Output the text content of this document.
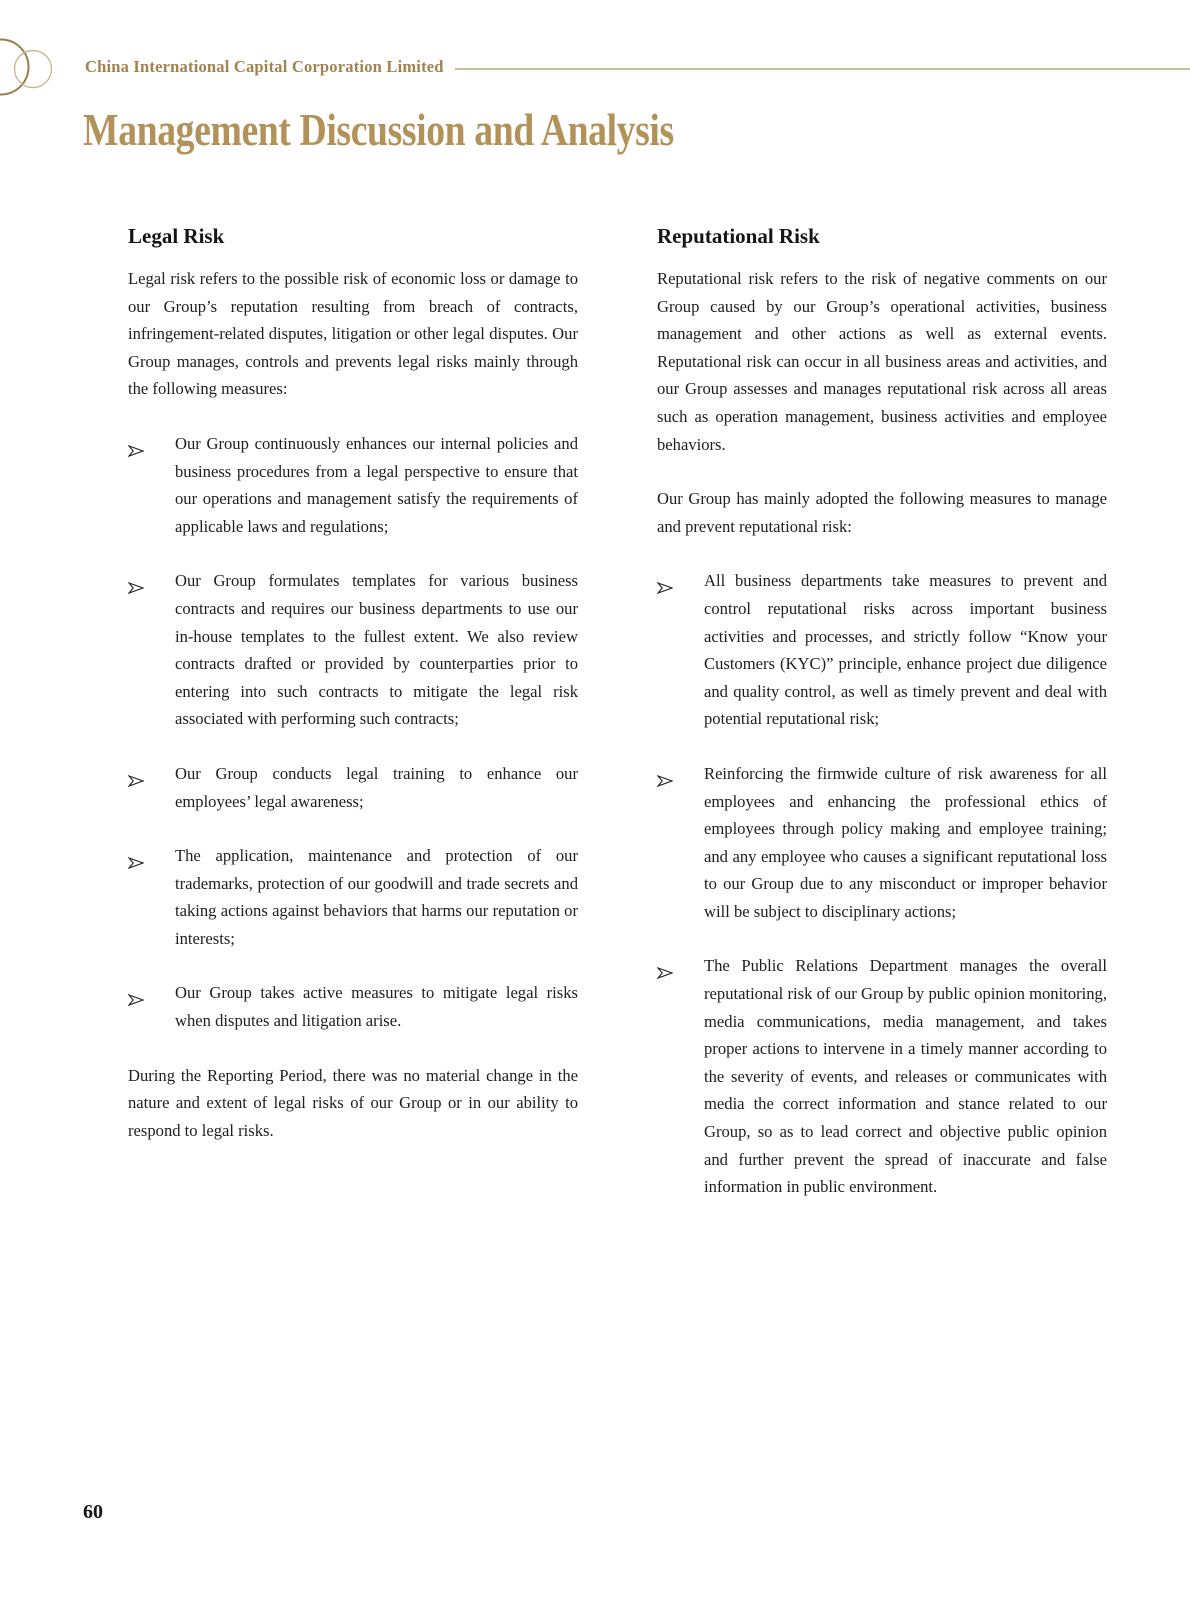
China International Capital Corporation Limited
Management Discussion and Analysis
Legal Risk

Legal risk refers to the possible risk of economic loss or damage to our Group’s reputation resulting from breach of contracts, infringement-related disputes, litigation or other legal disputes. Our Group manages, controls and prevents legal risks mainly through the following measures:

Our Group continuously enhances our internal policies and business procedures from a legal perspective to ensure that our operations and management satisfy the requirements of applicable laws and regulations;
Our Group formulates templates for various business contracts and requires our business departments to use our in-house templates to the fullest extent. We also review contracts drafted or provided by counterparties prior to entering into such contracts to mitigate the legal risk associated with performing such contracts;
Our Group conducts legal training to enhance our employees’ legal awareness;
The application, maintenance and protection of our trademarks, protection of our goodwill and trade secrets and taking actions against behaviors that harms our reputation or interests;
Our Group takes active measures to mitigate legal risks when disputes and litigation arise.

During the Reporting Period, there was no material change in the nature and extent of legal risks of our Group or in our ability to respond to legal risks.

Reputational Risk

Reputational risk refers to the risk of negative comments on our Group caused by our Group’s operational activities, business management and other actions as well as external events. Reputational risk can occur in all business areas and activities, and our Group assesses and manages reputational risk across all areas such as operation management, business activities and employee behaviors.

Our Group has mainly adopted the following measures to manage and prevent reputational risk:

All business departments take measures to prevent and control reputational risks across important business activities and processes, and strictly follow “Know your Customers (KYC)” principle, enhance project due diligence and quality control, as well as timely prevent and deal with potential reputational risk;
Reinforcing the firmwide culture of risk awareness for all employees and enhancing the professional ethics of employees through policy making and employee training; and any employee who causes a significant reputational loss to our Group due to any misconduct or improper behavior will be subject to disciplinary actions;
The Public Relations Department manages the overall reputational risk of our Group by public opinion monitoring, media communications, media management, and takes proper actions to intervene in a timely manner according to the severity of events, and releases or communicates with media the correct information and stance related to our Group, so as to lead correct and objective public opinion and further prevent the spread of inaccurate and false information in public environment.
60
